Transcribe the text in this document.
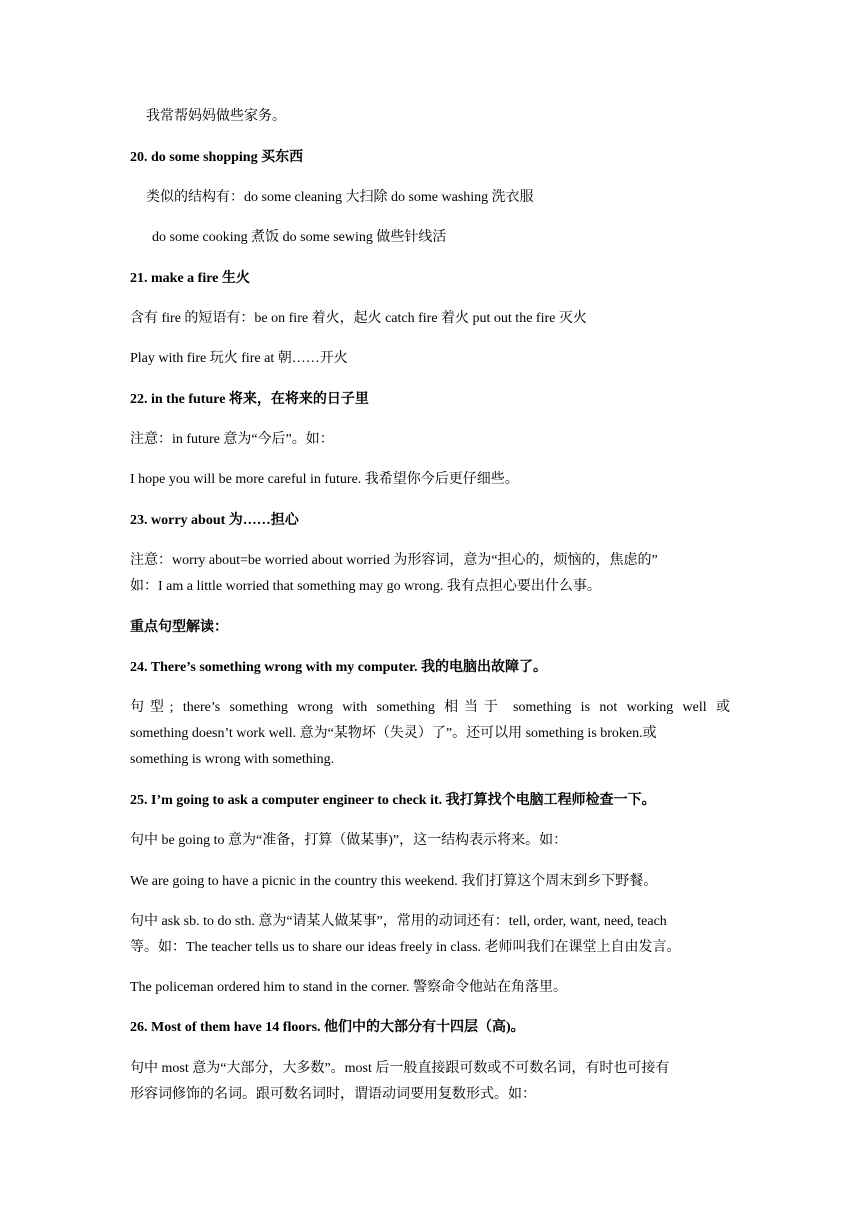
我常帮妈妈做些家务。
20. do some shopping 买东西
类似的结构有：do some cleaning 大扫除 do some washing 洗衣服
do some cooking 煮饭 do some sewing 做些针线活
21. make a fire 生火
含有 fire 的短语有：be on fire 着火，起火 catch fire 着火 put out the fire 灭火
Play with fire 玩火 fire at 朝……开火
22. in the future 将来，在将来的日子里
注意：in future 意为“今后”。如：
I hope you will be more careful in future. 我希望你今后更仔细些。
23. worry about 为……担心
注意：worry about=be worried about worried 为形容词，意为“担心的，烦恼的，焦虑的”
如：I am a little worried that something may go wrong. 我有点担心要出什么事。
重点句型解读：
24. There’s something wrong with my computer. 我的电脑出故障了。
句型; there’s something wrong with something 相当于 something is not working well 或
something doesn’t work well. 意为“某物坏（失灵）了”。还可以用 something is broken.或
something is wrong with something.
25. I’m going to ask a computer engineer to check it. 我打算找个电脑工程师检查一下。
句中 be going to 意为“准备，打算（做某事)”，这一结构表示将来。如：
We are going to have a picnic in the country this weekend. 我们打算这个周末到乡下野餐。
句中 ask sb. to do sth. 意为“请某人做某事”，常用的动词还有：tell, order, want, need, teach
等。如：The teacher tells us to share our ideas freely in class. 老师叫我们在课堂上自由发言。
The policeman ordered him to stand in the corner. 警察命令他站在角落里。
26. Most of them have 14 floors. 他们中的大部分有十四层（高)。
句中 most 意为“大部分，大多数”。most 后一般直接跟可数或不可数名词，有时也可接有
形容词修饰的名词。跟可数名词时，谓语动词要用复数形式。如：
